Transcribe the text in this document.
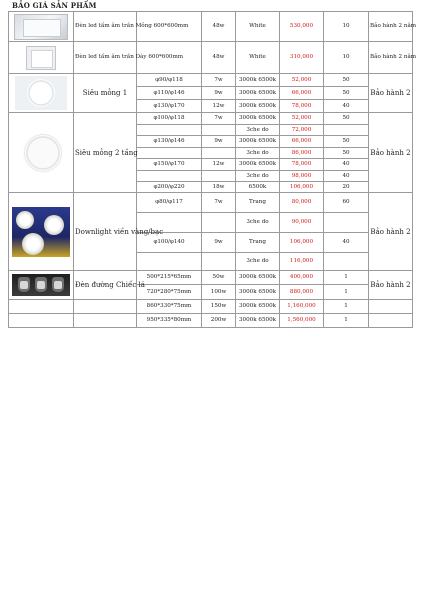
BẢO GIÁ SẢN PHẨM
	Đèn led tấm âm trần Mỏng 600*600mm		48w	White	530,000	10	Bảo hành 2 năm

	Đèn led tấm âm trần Dày 600*600mm		48w	White	310,000	10	Bảo hành 2 năm

	Siêu mỏng 1	φ90/φ118	7w	3000k 6500k	52,000	50	Bảo hành 2
		φ110/φ146	9w	3000k 6500k	66,000	50	
		φ130/φ170	12w	3000k 6500k	78,000	40	

	Siêu mỏng 2 tầng	φ100/φ118	7w	3000k 6500k	52,000	50	Bảo hành 2
				3che do	72,000		
		φ130/φ146	9w	3000k 6500k	66,000	50	
				3che do	86,000	50	
		φ150/φ170	12w	3000k 6500k	78,000	40	
				3che do	98,000	40	
		φ200/φ220	18w	6500k	106,000	20	

	Downlight viền vàng/bạc	φ80/φ117	7w	Trang	80,000	60	Bảo hành 2
				3che do	90,000		
		φ100/φ140	9w	Trang	106,000	40	
				3che do	116,000		

	Đèn đường Chiếc lá	500*215*65mm	50w	3000k 6500k	400,000	1	Bảo hành 2
		720*280*75mm	100w	3000k 6500k	880,000	1	
		860*330*75mm	150w	3000k 6500k	1,160,000	1	
		950*335*80mm	200w	3000k 6500k	1,560,000	1	
